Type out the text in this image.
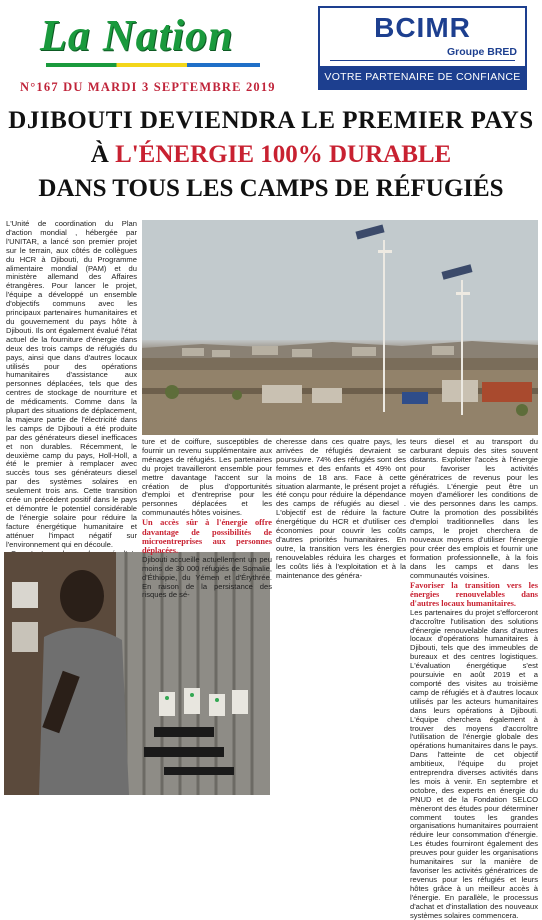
La Nation
N°167 DU MARDI 3 SEPTEMBRE 2019
BCIMR
Groupe BRED
VOTRE PARTENAIRE DE CONFIANCE
DJIBOUTI DEVIENDRA LE PREMIER PAYS
À L'ÉNERGIE 100% DURABLE
DANS TOUS LES CAMPS DE RÉFUGIÉS

L'Unité de coordination du Plan d'action mondial , hébergée par l'UNITAR, a lancé son premier projet sur le terrain, aux côtés de collègues du HCR à Djibouti, du Programme alimentaire mondial (PAM) et du ministère allemand des Affaires étrangères. Pour lancer le projet, l'équipe a développé un ensemble d'objectifs communs avec les principaux partenaires humanitaires et du gouvernement du pays hôte à Djibouti. Ils ont également évalué l'état actuel de la fourniture d'énergie dans deux des trois camps de réfugiés du pays, ainsi que dans d'autres locaux utilisés pour des opérations humanitaires d'assistance aux personnes déplacées, tels que des centres de stockage de nourriture et de médicaments. Comme dans la plupart des situations de déplacement, la majeure partie de l'électricité dans les camps de Djibouti a été produite par des générateurs diesel inefficaces et non durables. Récemment, le deuxième camp du pays, Holl-Holl, a été le premier à remplacer avec succès tous ses générateurs diesel par des systèmes solaires en seulement trois ans. Cette transition crée un précédent positif dans le pays et démontre le potentiel considérable de l'énergie solaire pour réduire la facture énergétique humanitaire et atténuer l'impact négatif sur l'environnement qui en découle.

ture et de coiffure, susceptibles de fournir un revenu supplémentaire aux ménages de réfugiés. Les partenaires du projet travailleront ensemble pour mettre davantage l'accent sur la création de plus d'opportunités d'emploi et d'entreprise pour les personnes déplacées et les communautés hôtes voisines.

Un accès sûr à l'énergie offre davantage de possibilités de microentreprises aux personnes déplacées.

Djibouti accueille actuellement un peu moins de 30 000 réfugiés de Somalie, d'Éthiopie, du Yémen et d'Érythrée. En raison de la persistance des risques de sé-

cheresse dans ces quatre pays, les arrivées de réfugiés devraient se poursuivre. 74% des réfugiés sont des femmes et des enfants et 49% ont moins de 18 ans. Face à cette situation alarmante, le présent projet a été conçu pour réduire la dépendance des camps de réfugiés au diesel . L'objectif est de réduire la facture énergétique du HCR et d'utiliser ces économies pour couvrir les coûts d'autres priorités humanitaires. En outre, la transition vers les énergies renouvelables réduira les charges et les coûts liés à l'exploitation et à la maintenance des généra-

teurs diesel et au transport du carburant depuis des sites souvent distants. Exploiter l'accès à l'énergie pour favoriser les activités génératrices de revenus pour les réfugiés. L'énergie peut être un moyen d'améliorer les conditions de vie des personnes dans les camps. Outre la promotion des possibilités d'emploi traditionnelles dans les camps, le projet cherchera de nouveaux moyens d'utiliser l'énergie pour créer des emplois et fournir une formation professionnelle, à la fois dans les camps et dans les communautés voisines.

Favoriser la transition vers les énergies renouvelables dans d'autres locaux humanitaires.

Les partenaires du projet s'efforceront d'accroître l'utilisation des solutions d'énergie renouvelable dans d'autres locaux d'opérations humanitaires à Djibouti, tels que des immeubles de bureaux et des centres logistiques. L'évaluation énergétique s'est poursuivie en août 2019 et a comporté des visites au troisième camp de réfugiés et à d'autres locaux utilisés par les acteurs humanitaires dans leurs opérations à Djibouti. L'équipe cherchera également à trouver des moyens d'accroître l'utilisation de l'énergie globale des opérations humanitaires dans le pays. Dans l'atteinte de cet objectif ambitieux, l'équipe du projet entreprendra diverses activités dans les mois à venir. En septembre et octobre, des experts en énergie du PNUD et de la Fondation SELCO mèneront des études pour déterminer comment toutes les grandes organisations humanitaires pourraient réduire leur consommation d'énergie. Les études fourniront également des preuves pour guider les organisations humanitaires sur la manière de favoriser les activités génératrices de revenus pour les réfugiés et leurs hôtes grâce à un meilleur accès à l'énergie. En parallèle, le processus d'achat et d'installation des nouveaux systèmes solaires commencera.
